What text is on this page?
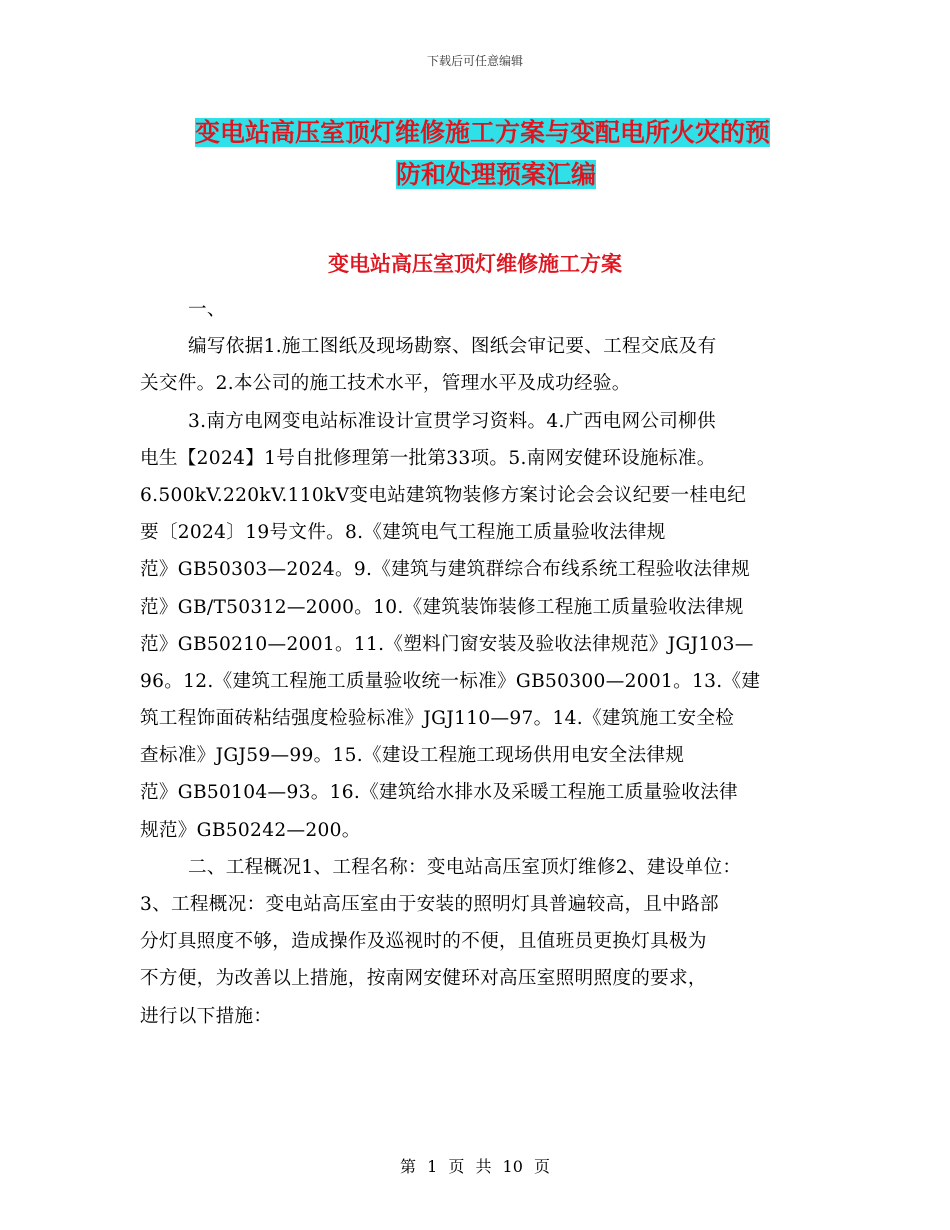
下载后可任意编辑
变电站高压室顶灯维修施工方案与变配电所火灾的预
防和处理预案汇编
变电站高压室顶灯维修施工方案
一、
编写依据1.施工图纸及现场勘察、图纸会审记要、工程交底及有
关交件。2.本公司的施工技术水平，管理水平及成功经验。
3.南方电网变电站标准设计宣贯学习资料。4.广西电网公司柳供
电生【2024】1号自批修理第一批第33项。5.南网安健环设施标准。
6.500kV.220kV.110kV变电站建筑物装修方案讨论会会议纪要一桂电纪
要〔2024〕19号文件。8.《建筑电气工程施工质量验收法律规
范》GB50303—2024。9.《建筑与建筑群综合布线系统工程验收法律规
范》GB/T50312—2000。10.《建筑装饰装修工程施工质量验收法律规
范》GB50210—2001。11.《塑料门窗安装及验收法律规范》JGJ103—
96。12.《建筑工程施工质量验收统一标准》GB50300—2001。13.《建
筑工程饰面砖粘结强度检验标准》JGJ110—97。14.《建筑施工安全检
查标准》JGJ59—99。15.《建设工程施工现场供用电安全法律规
范》GB50104—93。16.《建筑给水排水及采暖工程施工质量验收法律
规范》GB50242—200。
二、工程概况1、工程名称：变电站高压室顶灯维修2、建设单位：
3、工程概况：变电站高压室由于安装的照明灯具普遍较高，且中路部
分灯具照度不够，造成操作及巡视时的不便，且值班员更换灯具极为
不方便，为改善以上措施，按南网安健环对高压室照明照度的要求，
进行以下措施：
第 1 页 共 10 页
